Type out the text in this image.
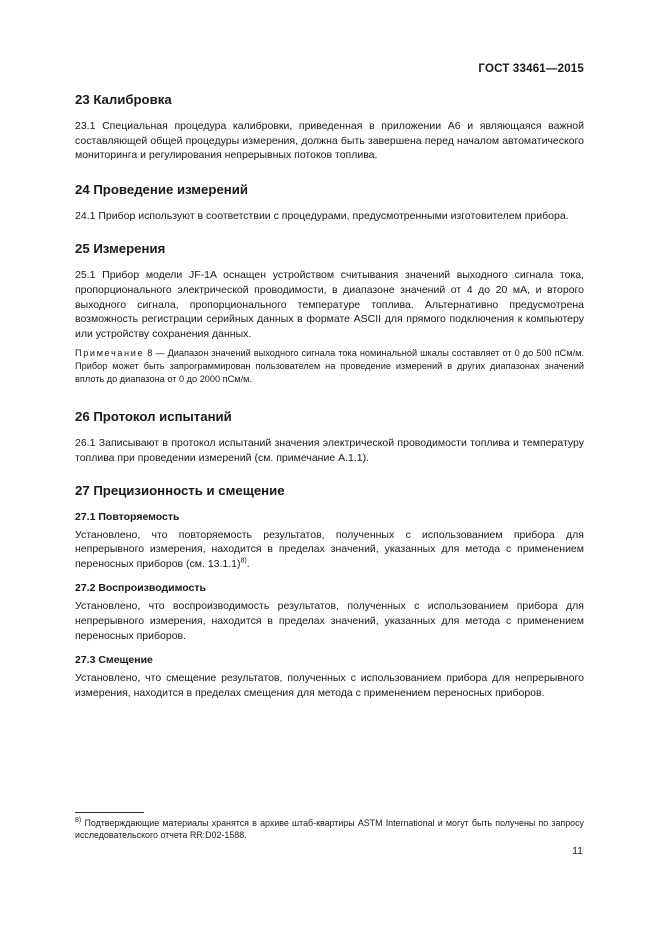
ГОСТ 33461—2015
23 Калибровка

23.1 Специальная процедура калибровки, приведенная в приложении А6 и являющаяся важной составляющей общей процедуры измерения, должна быть завершена перед началом автоматического мониторинга и регулирования непрерывных потоков топлива.

24 Проведение измерений

24.1 Прибор используют в соответствии с процедурами, предусмотренными изготовителем прибора.

25 Измерения

25.1 Прибор модели JF-1A оснащен устройством считывания значений выходного сигнала тока, пропорционального электрической проводимости, в диапазоне значений от 4 до 20 мА, и второго выходного сигнала, пропорционального температуре топлива. Альтернативно предусмотрена возможность регистрации серийных данных в формате ASCII для прямого подключения к компьютеру или устройству сохранения данных.

Примечание 8 — Диапазон значений выходного сигнала тока номинальной шкалы составляет от 0 до 500 пСм/м. Прибор может быть запрограммирован пользователем на проведение измерений в других диапазонах значений вплоть до диапазона от 0 до 2000 пСм/м.
26 Протокол испытаний

26.1 Записывают в протокол испытаний значения электрической проводимости топлива и температуру топлива при проведении измерений (см. примечание А.1.1).

27 Прецизионность и смещение
27.1 Повторяемость

Установлено, что повторяемость результатов, полученных с использованием прибора для непрерывного измерения, находится в пределах значений, указанных для метода с применением переносных приборов (см. 13.1.1)$^{8)}$.

27.2 Воспроизводимость

Установлено, что воспроизводимость результатов, полученных с использованием прибора для непрерывного измерения, находится в пределах значений, указанных для метода с применением переносных приборов.

27.3 Смещение

Установлено, что смещение результатов, полученных с использованием прибора для непрерывного измерения, находится в пределах смещения для метода с применением переносных приборов.

$^{8)}$ Подтверждающие материалы хранятся в архиве штаб-квартиры ASTM International и могут быть получены по запросу исследовательского отчета RR:D02-1588.
11
